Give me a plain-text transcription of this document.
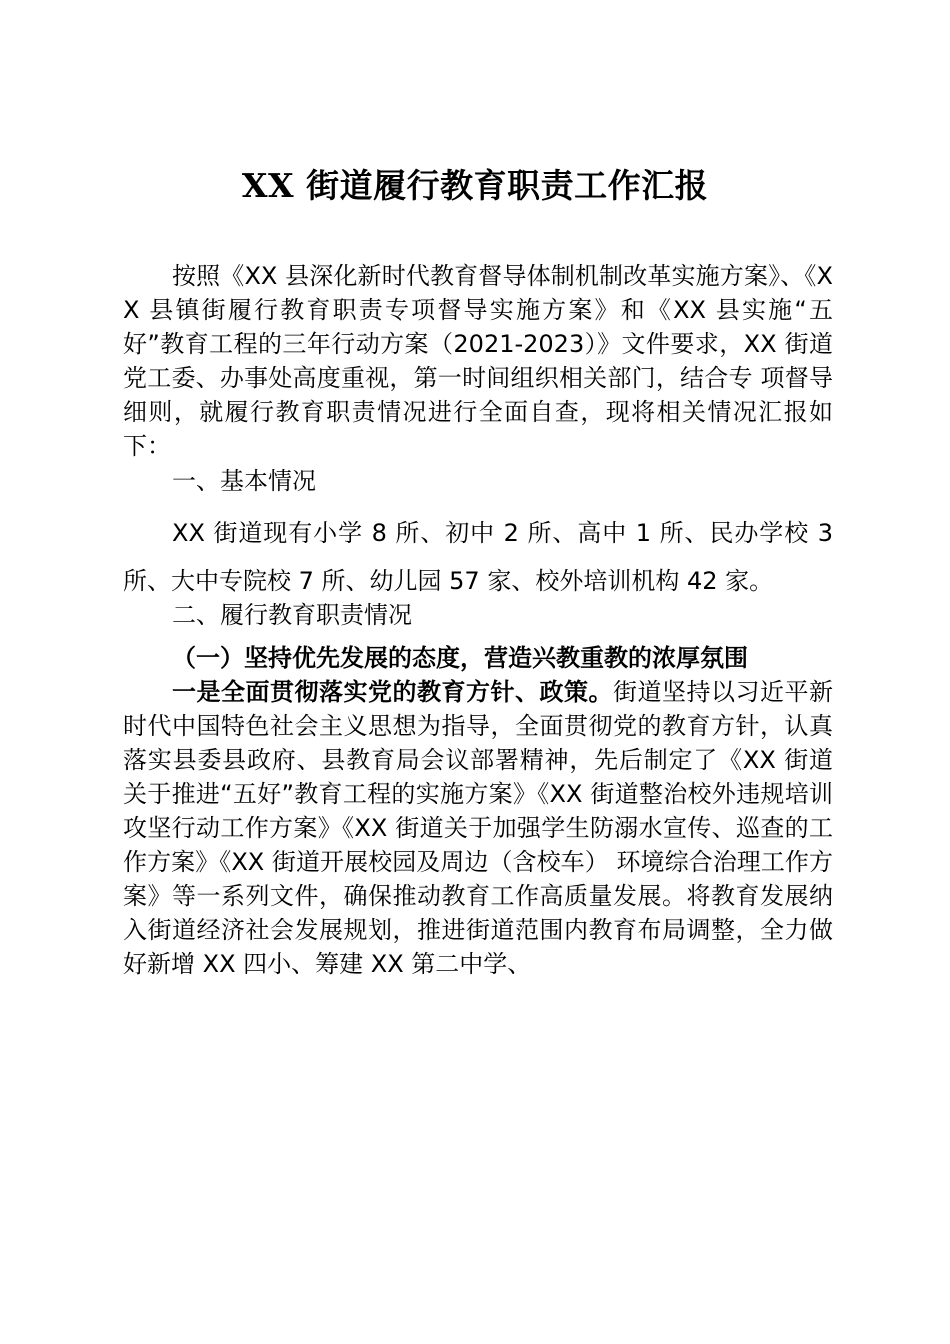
XX 街道履行教育职责工作汇报

按照《XX 县深化新时代教育督导体制机制改革实施方案》、《XX 县镇街履行教育职责专项督导实施方案》和《XX 县实施“五好”教育工程的三年行动方案（2021-2023）》文件要求，XX 街道党工委、办事处高度重视，第一时间组织相关部门，结合专 项督导细则，就履行教育职责情况进行全面自查，现将相关情况汇报如下：

一、基本情况

XX 街道现有小学 8 所、初中 2 所、高中 1 所、民办学校 3 所、大中专院校 7 所、幼儿园 57 家、校外培训机构 42 家。

二、履行教育职责情况

（一）坚持优先发展的态度，营造兴教重教的浓厚氛围

一是全面贯彻落实党的教育方针、政策。街道坚持以习近平新时代中国特色社会主义思想为指导，全面贯彻党的教育方针，认真落实县委县政府、县教育局会议部署精神，先后制定了《XX 街道关于推进“五好”教育工程的实施方案》《XX 街道整治校外违规培训攻坚行动工作方案》《XX 街道关于加强学生防溺水宣传、巡查的工作方案》《XX 街道开展校园及周边（含校车） 环境综合治理工作方案》等一系列文件，确保推动教育工作高质量发展。将教育发展纳入街道经济社会发展规划，推进街道范围内教育布局调整，全力做好新增 XX 四小、筹建 XX 第二中学、
